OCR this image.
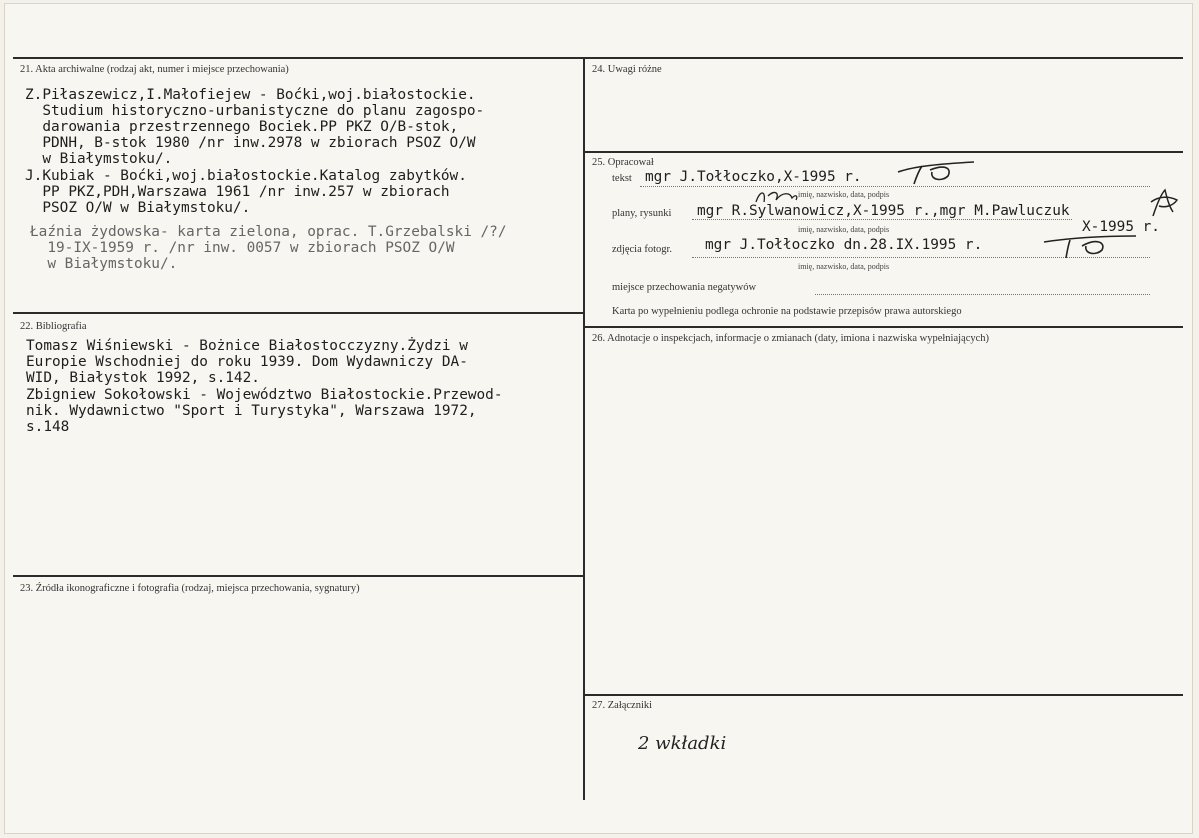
21. Akta archiwalne (rodzaj akt, numer i miejsce przechowania)
Z.Piłaszewicz,I.Małofiejew - Boćki,woj.białostockie.
Studium historyczno-urbanistyczne do planu zagospo-
darowania przestrzennego Bociek.PP PKZ O/B-stok,
PDNH, B-stok 1980 /nr inw.2978 w zbiorach PSOZ O/W
w Białymstoku/.
J.Kubiak - Boćki,woj.białostockie.Katalog zabytków.
PP PKZ,PDH,Warszawa 1961 /nr inw.257 w zbiorach
PSOZ O/W w Białymstoku/.
Łaźnia żydowska- karta zielona, oprac. T.Grzebalski /?/
19-IX-1959 r. /nr inw. 0057 w zbiorach PSOZ O/W
w Białymstoku/.
22. Bibliografia
Tomasz Wiśniewski - Bożnice Białostocczyzny.Żydzi w
Europie Wschodniej do roku 1939. Dom Wydawniczy DA-
WID, Białystok 1992, s.142.
Zbigniew Sokołowski - Województwo Białostockie.Przewod-
nik. Wydawnictwo "Sport i Turystyka", Warszawa 1972,
s.148
23. Źródła ikonograficzne i fotografia (rodzaj, miejsca przechowania, sygnatury)
24. Uwagi różne
25. Opracował
tekst mgr J.Tołłoczko,X-1995 r.
imię, nazwisko, data, podpis
plany, rysunki mgr R.Sylwanowicz,X-1995 r.,mgr M.Pawluczuk
X-1995 r.
imię, nazwisko, data, podpis
zdjęcia fotogr. mgr J.Tołłoczko dn.28.IX.1995 r.
imię, nazwisko, data, podpis
miejsce przechowania negatywów
Karta po wypełnieniu podlega ochronie na podstawie przepisów prawa autorskiego
26. Adnotacje o inspekcjach, informacje o zmianach (daty, imiona i nazwiska wypełniających)
27. Załączniki
2 wkładki
